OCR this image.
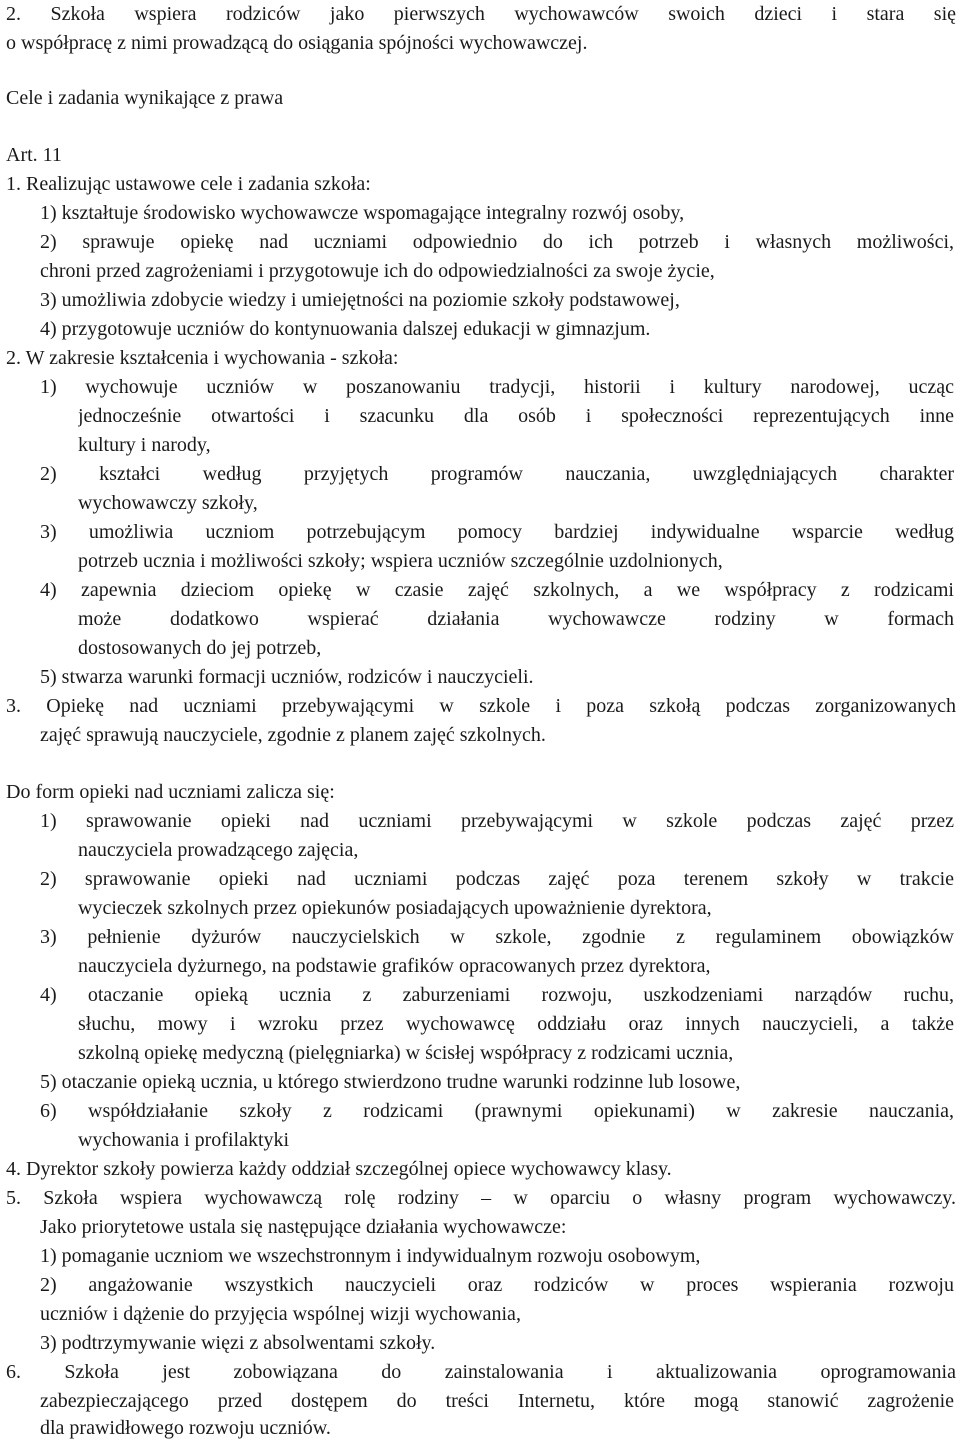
2. Szkoła wspiera rodziców jako pierwszych wychowawców swoich dzieci i stara się
o współpracę z nimi prowadzącą do osiągania spójności wychowawczej.
Cele i zadania wynikające z prawa
Art. 11
1. Realizując ustawowe cele i zadania szkoła:
1) kształtuje środowisko wychowawcze wspomagające integralny rozwój osoby,
2) sprawuje opiekę nad uczniami odpowiednio do ich potrzeb i własnych możliwości,
chroni przed zagrożeniami i przygotowuje ich do odpowiedzialności za swoje życie,
3) umożliwia zdobycie wiedzy i umiejętności na poziomie szkoły podstawowej,
4) przygotowuje uczniów do kontynuowania dalszej edukacji w gimnazjum.
2. W zakresie kształcenia i wychowania - szkoła:
1) wychowuje uczniów w poszanowaniu tradycji, historii i kultury narodowej, ucząc
jednocześnie otwartości i szacunku dla osób i społeczności reprezentujących inne
kultury i narody,
2) kształci według przyjętych programów nauczania, uwzględniających charakter
wychowawczy szkoły,
3) umożliwia uczniom potrzebującym pomocy bardziej indywidualne wsparcie według
potrzeb ucznia i możliwości szkoły; wspiera uczniów szczególnie uzdolnionych,
4) zapewnia dzieciom opiekę w czasie zajęć szkolnych, a we współpracy z rodzicami
może dodatkowo wspierać działania wychowawcze rodziny w formach
dostosowanych do jej potrzeb,
5) stwarza warunki formacji uczniów, rodziców i nauczycieli.
3. Opiekę nad uczniami przebywającymi w szkole i poza szkołą podczas zorganizowanych
zajęć sprawują nauczyciele, zgodnie z planem zajęć szkolnych.
Do form opieki nad uczniami zalicza się:
1) sprawowanie opieki nad uczniami przebywającymi w szkole podczas zajęć przez
nauczyciela prowadzącego zajęcia,
2) sprawowanie opieki nad uczniami podczas zajęć poza terenem szkoły w trakcie
wycieczek szkolnych przez opiekunów posiadających upoważnienie dyrektora,
3) pełnienie dyżurów nauczycielskich w szkole, zgodnie z regulaminem obowiązków
nauczyciela dyżurnego, na podstawie grafików opracowanych przez dyrektora,
4) otaczanie opieką ucznia z zaburzeniami rozwoju, uszkodzeniami narządów ruchu,
słuchu, mowy i wzroku przez wychowawcę oddziału oraz innych nauczycieli, a także
szkolną opiekę medyczną (pielęgniarka) w ścisłej współpracy z rodzicami ucznia,
5) otaczanie opieką ucznia, u którego stwierdzono trudne warunki rodzinne lub losowe,
6) współdziałanie szkoły z rodzicami (prawnymi opiekunami) w zakresie nauczania,
wychowania i profilaktyki
4. Dyrektor szkoły powierza każdy oddział szczególnej opiece wychowawcy klasy.
5. Szkoła wspiera wychowawczą rolę rodziny – w oparciu o własny program wychowawczy.
Jako priorytetowe ustala się następujące działania wychowawcze:
1) pomaganie uczniom we wszechstronnym i indywidualnym rozwoju osobowym,
2) angażowanie wszystkich nauczycieli oraz rodziców w proces wspierania rozwoju
uczniów i dążenie do przyjęcia wspólnej wizji wychowania,
3) podtrzymywanie więzi z absolwentami szkoły.
6. Szkoła jest zobowiązana do zainstalowania i aktualizowania oprogramowania
zabezpieczającego przed dostępem do treści Internetu, które mogą stanowić zagrożenie
dla prawidłowego rozwoju uczniów.
